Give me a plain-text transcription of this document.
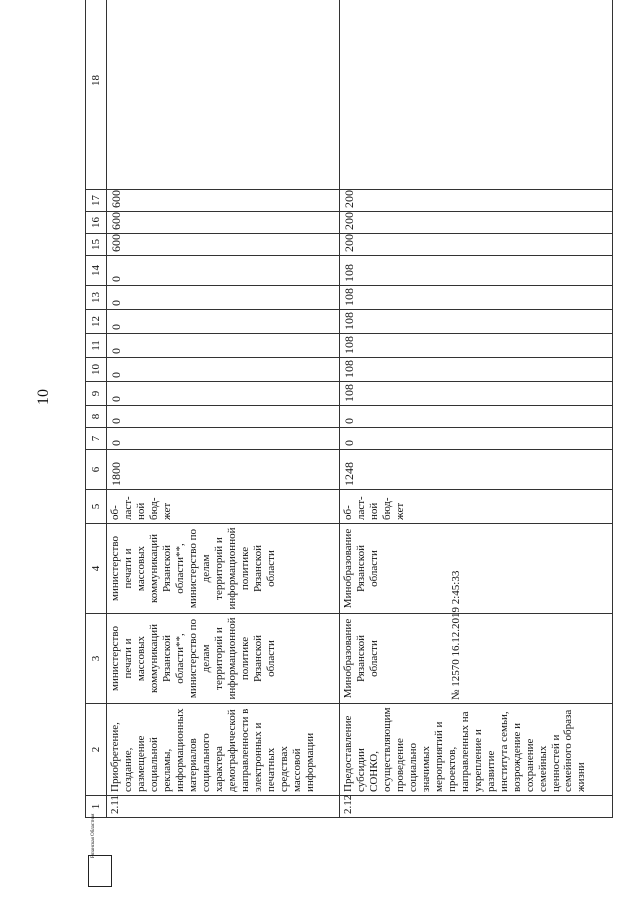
10
1	2	3	4	5	6	7	8	9	10	11	12	13	14	15	16	17	18
2.11	Приобретение, создание, размещение социальной рекламы, информационных материалов социального характера демографической направленности в электронных и печатных средствах массовой информации	министерство печати и массовых коммуникаций Рязанской области**, министерство по делам территорий и информационной политике Рязанской области	министерство печати и массовых коммуникаций Рязанской области**, министерство по делам территорий и информационной политике Рязанской области	об-ласт-ной бюд-жет	1800	0	0	0	0	0	0	0	0	600	600	600	
2.12	Предоставление субсидии СОНКО, осуществляющим проведение социально значимых мероприятий и проектов, направленных на укрепление и развитие института семьи, возрождение и сохранение семейных ценностей и семейного образа жизни	Минобразование Рязанской области	Минобразование Рязанской области	об-ласт-ной бюд-жет	1248	0	0	108	108	108	108	108	108	200	200	200	
№ 12570 16.12.2019 2:45:33
Рязанская Областная
